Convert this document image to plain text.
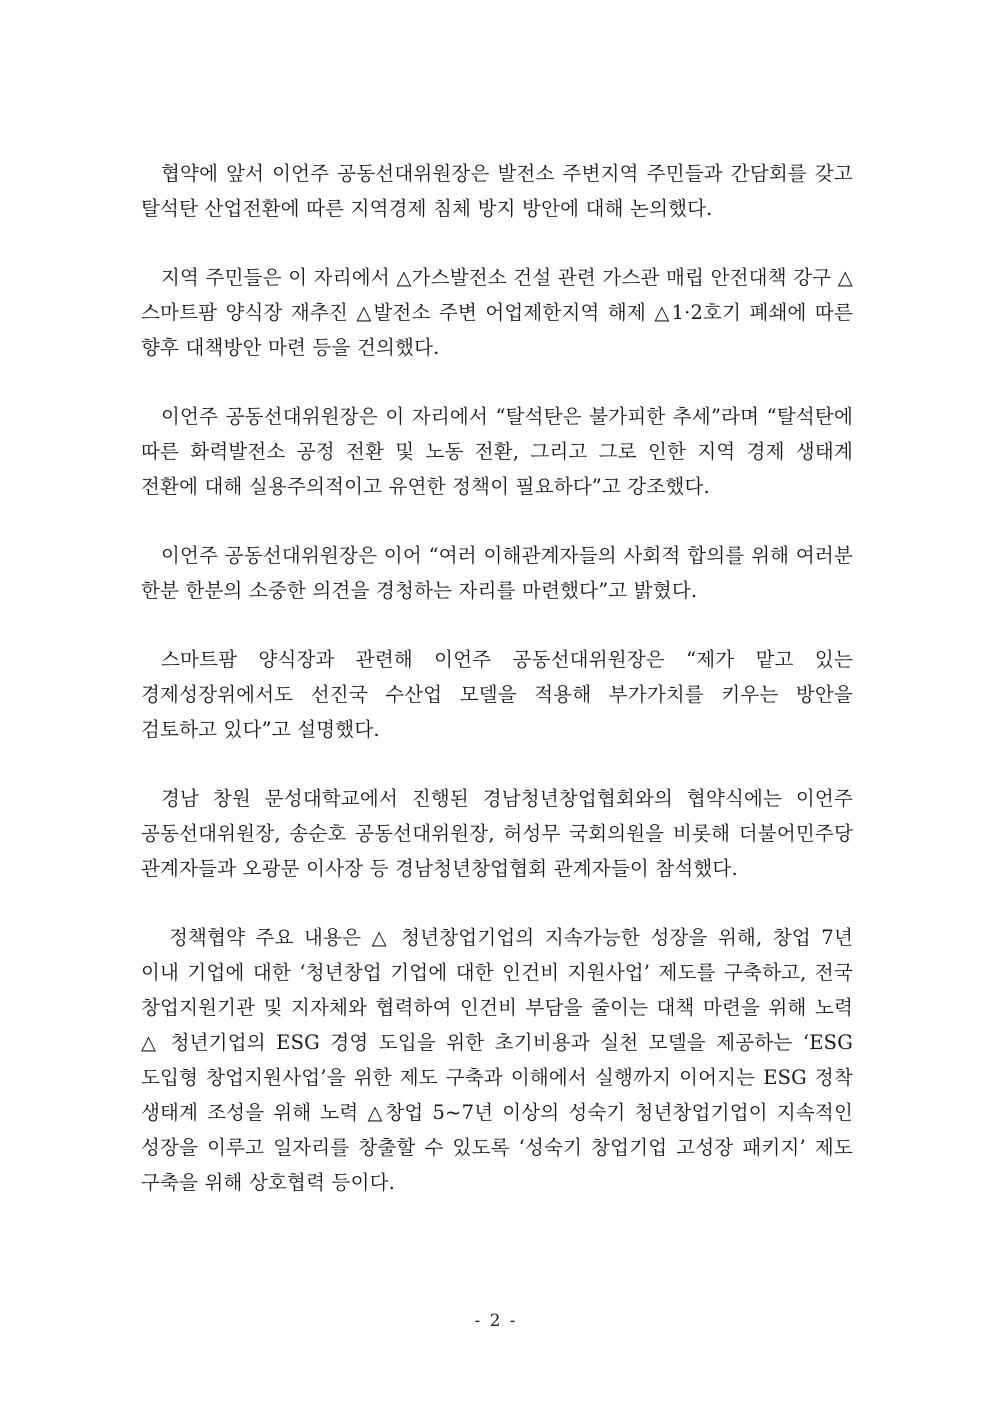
협약에 앞서 이언주 공동선대위원장은 발전소 주변지역 주민들과 간담회를 갖고 탈석탄 산업전환에 따른 지역경제 침체 방지 방안에 대해 논의했다.

지역 주민들은 이 자리에서 △가스발전소 건설 관련 가스관 매립 안전대책 강구 △스마트팜 양식장 재추진 △발전소 주변 어업제한지역 해제 △1·2호기 폐쇄에 따른 향후 대책방안 마련 등을 건의했다.

이언주 공동선대위원장은 이 자리에서 “탈석탄은 불가피한 추세”라며 “탈석탄에 따른 화력발전소 공정 전환 및 노동 전환, 그리고 그로 인한 지역 경제 생태계 전환에 대해 실용주의적이고 유연한 정책이 필요하다”고 강조했다.

이언주 공동선대위원장은 이어 “여러 이해관계자들의 사회적 합의를 위해 여러분 한분 한분의 소중한 의견을 경청하는 자리를 마련했다”고 밝혔다.

스마트팜 양식장과 관련해 이언주 공동선대위원장은 “제가 맡고 있는 경제성장위에서도 선진국 수산업 모델을 적용해 부가가치를 키우는 방안을 검토하고 있다”고 설명했다.

경남 창원 문성대학교에서 진행된 경남청년창업협회와의 협약식에는 이언주 공동선대위원장, 송순호 공동선대위원장, 허성무 국회의원을 비롯해 더불어민주당 관계자들과 오광문 이사장 등 경남청년창업협회 관계자들이 참석했다.

정책협약 주요 내용은 △ 청년창업기업의 지속가능한 성장을 위해, 창업 7년 이내 기업에 대한 ‘청년창업 기업에 대한 인건비 지원사업’ 제도를 구축하고, 전국 창업지원기관 및 지자체와 협력하여 인건비 부담을 줄이는 대책 마련을 위해 노력 △ 청년기업의 ESG 경영 도입을 위한 초기비용과 실천 모델을 제공하는 ‘ESG 도입형 창업지원사업’을 위한 제도 구축과 이해에서 실행까지 이어지는 ESG 정착 생태계 조성을 위해 노력 △창업 5~7년 이상의 성숙기 청년창업기업이 지속적인 성장을 이루고 일자리를 창출할 수 있도록 ‘성숙기 창업기업 고성장 패키지’ 제도 구축을 위해 상호협력 등이다.

- 2 -
